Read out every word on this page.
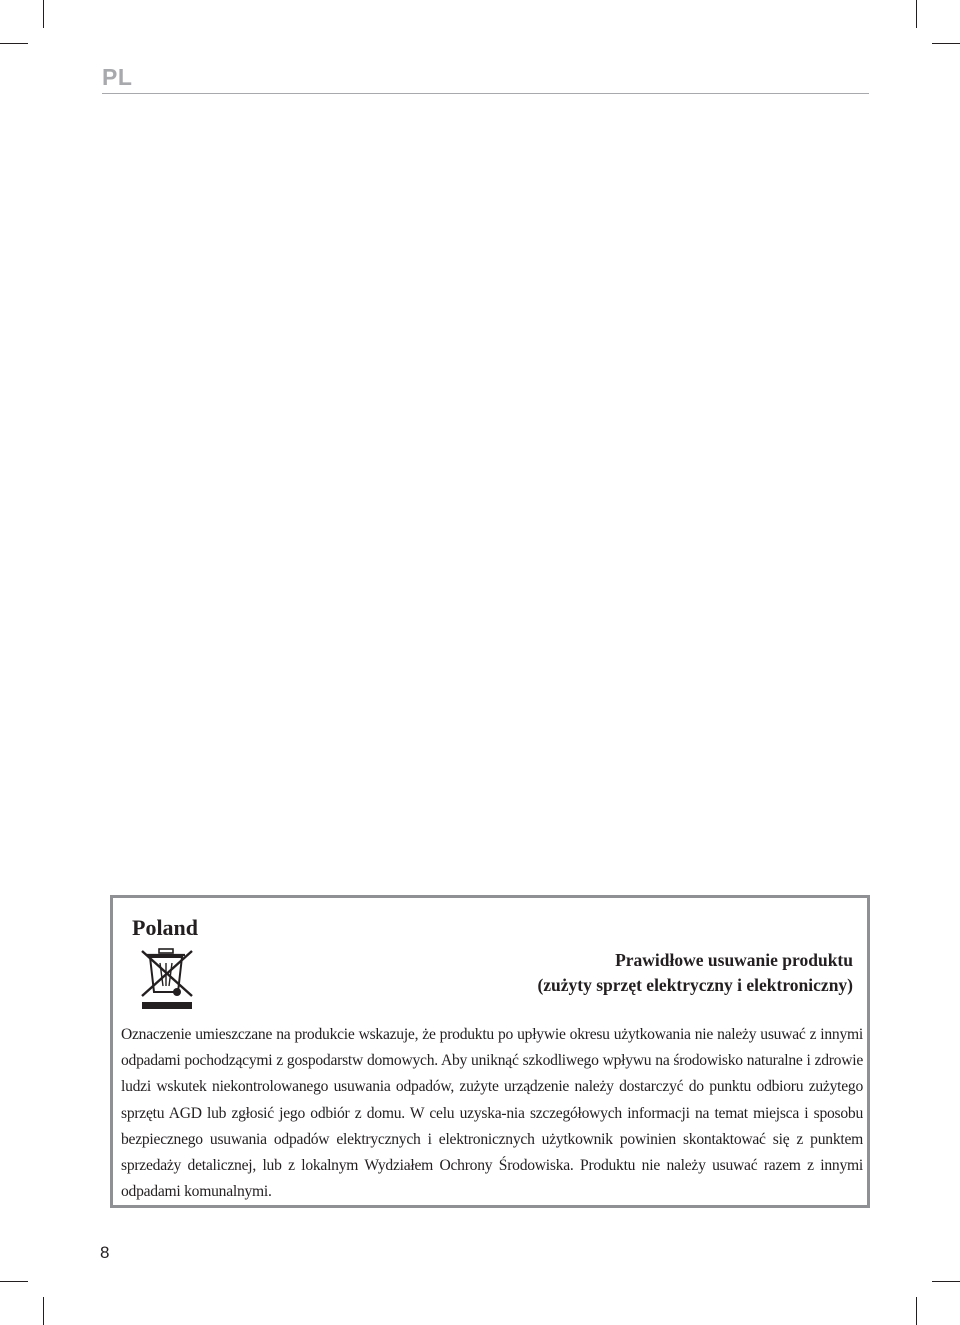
PL

Poland

Prawidłowe usuwanie produktu
(zużyty sprzęt elektryczny i elektroniczny)

Oznaczenie umieszczane na produkcie wskazuje, że produktu po upływie okresu użytkowania nie należy usuwać z innymi odpadami pochodzącymi z gospodarstw domowych. Aby uniknąć szkodliwego wpływu na środowisko naturalne i zdrowie ludzi wskutek niekontrolowanego usuwania odpadów, zużyte urządzenie należy dostarczyć do punktu odbioru zużytego sprzętu AGD lub zgłosić jego odbiór z domu. W celu uzyska-nia szczegółowych informacji na temat miejsca i sposobu bezpiecznego usuwania odpadów elektrycznych i elektronicznych użytkownik powinien skontaktować się z punktem sprzedaży detalicznej, lub z lokalnym Wydziałem Ochrony Środowiska. Produktu nie należy usuwać razem z innymi odpadami komunalnymi.

8
